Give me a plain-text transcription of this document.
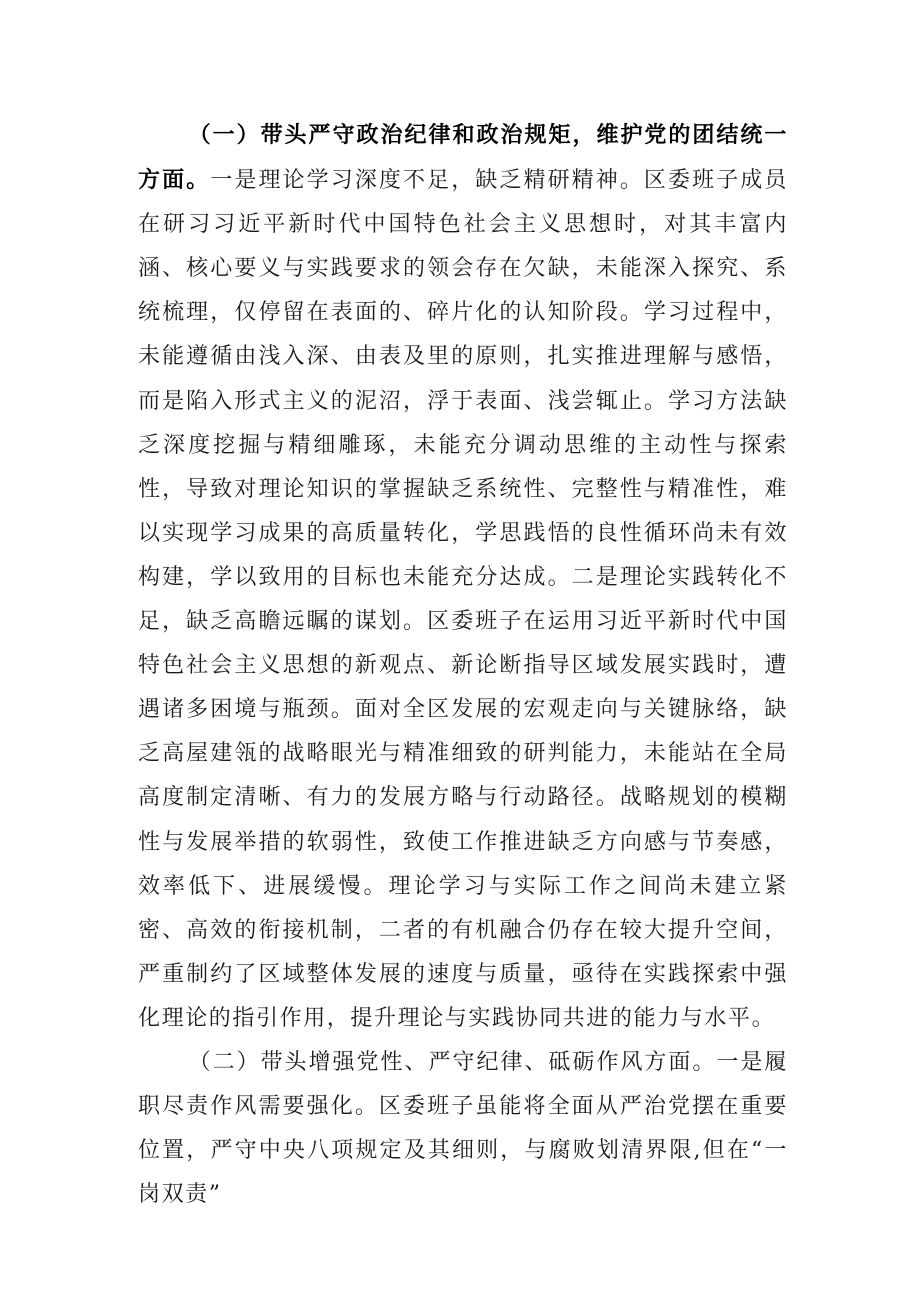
（一）带头严守政治纪律和政治规矩，维护党的团结统一方面。一是理论学习深度不足，缺乏精研精神。区委班子成员在研习习近平新时代中国特色社会主义思想时，对其丰富内涵、核心要义与实践要求的领会存在欠缺，未能深入探究、系统梳理，仅停留在表面的、碎片化的认知阶段。学习过程中，未能遵循由浅入深、由表及里的原则，扎实推进理解与感悟，而是陷入形式主义的泥沼，浮于表面、浅尝辄止。学习方法缺乏深度挖掘与精细雕琢，未能充分调动思维的主动性与探索性，导致对理论知识的掌握缺乏系统性、完整性与精准性，难以实现学习成果的高质量转化，学思践悟的良性循环尚未有效构建，学以致用的目标也未能充分达成。二是理论实践转化不足，缺乏高瞻远瞩的谋划。区委班子在运用习近平新时代中国特色社会主义思想的新观点、新论断指导区域发展实践时，遭遇诸多困境与瓶颈。面对全区发展的宏观走向与关键脉络，缺乏高屋建瓴的战略眼光与精准细致的研判能力，未能站在全局高度制定清晰、有力的发展方略与行动路径。战略规划的模糊性与发展举措的软弱性，致使工作推进缺乏方向感与节奏感，效率低下、进展缓慢。理论学习与实际工作之间尚未建立紧密、高效的衔接机制，二者的有机融合仍存在较大提升空间，严重制约了区域整体发展的速度与质量，亟待在实践探索中强化理论的指引作用，提升理论与实践协同共进的能力与水平。

（二）带头增强党性、严守纪律、砥砺作风方面。一是履职尽责作风需要强化。区委班子虽能将全面从严治党摆在重要位置，严守中央八项规定及其细则，与腐败划清界限,但在“一岗双责”
